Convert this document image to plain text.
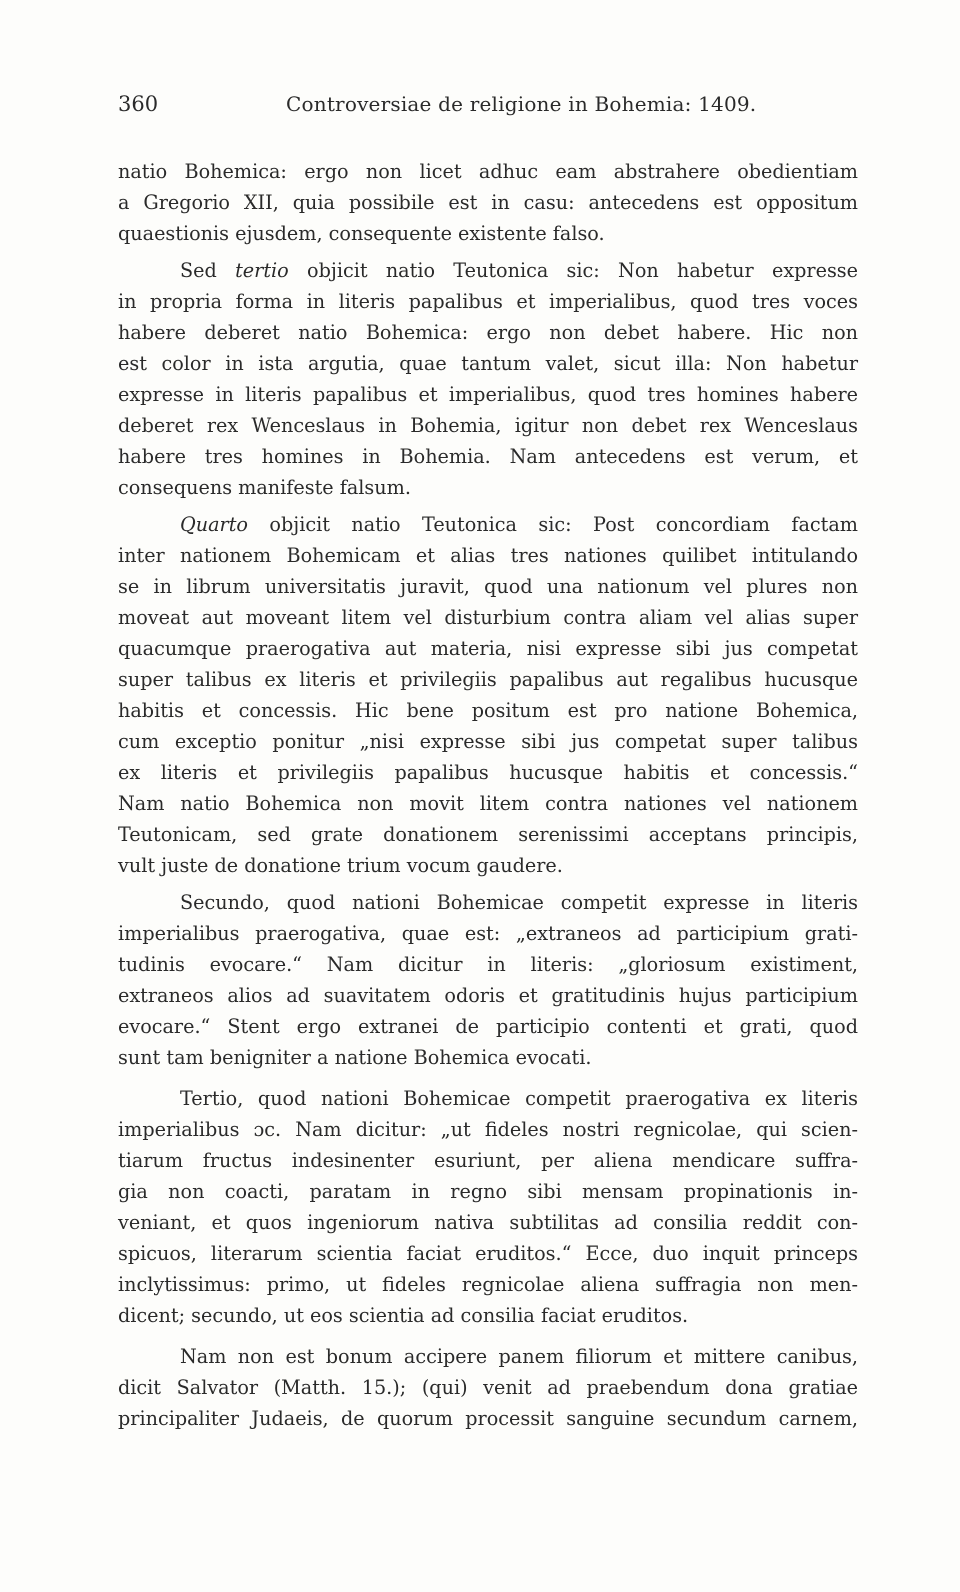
360	Controversiae de religione in Bohemia: 1409.
natio Bohemica: ergo non licet adhuc eam abstrahere obedientiam
a Gregorio XII, quia possibile est in casu: antecedens est oppositum
quaestionis ejusdem, consequente existente falso.
Sed tertio objicit natio Teutonica sic: Non habetur expresse
in propria forma in literis papalibus et imperialibus, quod tres voces
habere deberet natio Bohemica: ergo non debet habere. Hic non
est color in ista argutia, quae tantum valet, sicut illa: Non habetur
expresse in literis papalibus et imperialibus, quod tres homines habere
deberet rex Wenceslaus in Bohemia, igitur non debet rex Wenceslaus
habere tres homines in Bohemia. Nam antecedens est verum, et
consequens manifeste falsum.
Quarto objicit natio Teutonica sic: Post concordiam factam
inter nationem Bohemicam et alias tres nationes quilibet intitulando
se in librum universitatis juravit, quod una nationum vel plures non
moveat aut moveant litem vel disturbium contra aliam vel alias super
quacumque praerogativa aut materia, nisi expresse sibi jus competat
super talibus ex literis et privilegiis papalibus aut regalibus hucusque
habitis et concessis. Hic bene positum est pro natione Bohemica,
cum exceptio ponitur „nisi expresse sibi jus competat super talibus
ex literis et privilegiis papalibus hucusque habitis et concessis.“
Nam natio Bohemica non movit litem contra nationes vel nationem
Teutonicam, sed grate donationem serenissimi acceptans principis,
vult juste de donatione trium vocum gaudere.
Secundo, quod nationi Bohemicae competit expresse in literis
imperialibus praerogativa, quae est: „extraneos ad participium grati-
tudinis evocare.“ Nam dicitur in literis: „gloriosum existiment,
extraneos alios ad suavitatem odoris et gratitudinis hujus participium
evocare.“ Stent ergo extranei de participio contenti et grati, quod
sunt tam benigniter a natione Bohemica evocati.
Tertio, quod nationi Bohemicae competit praerogativa ex literis
imperialibus ɔc. Nam dicitur: „ut fideles nostri regnicolae, qui scien-
tiarum fructus indesinenter esuriunt, per aliena mendicare suffra-
gia non coacti, paratam in regno sibi mensam propinationis in-
veniant, et quos ingeniorum nativa subtilitas ad consilia reddit con-
spicuos, literarum scientia faciat eruditos.“ Ecce, duo inquit princeps
inclytissimus: primo, ut fideles regnicolae aliena suffragia non men-
dicent; secundo, ut eos scientia ad consilia faciat eruditos.
Nam non est bonum accipere panem filiorum et mittere canibus,
dicit Salvator (Matth. 15.); (qui) venit ad praebendum dona gratiae
principaliter Judaeis, de quorum processit sanguine secundum carnem,
